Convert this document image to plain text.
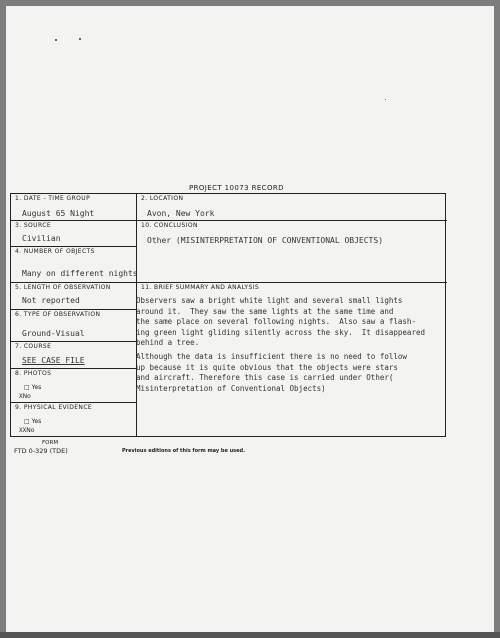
PROJECT 10073 RECORD
1. DATE - TIME GROUP
August 65 Night
2. LOCATION
Avon, New York
3. SOURCE
Civilian
10. CONCLUSION
Other (MISINTERPRETATION OF CONVENTIONAL OBJECTS)
4. NUMBER OF OBJECTS
Many on different nights
5. LENGTH OF OBSERVATION
Not reported
6. TYPE OF OBSERVATION
Ground-Visual
7. COURSE
SEE CASE FILE
8. PHOTOS
□ Yes
XNo
9. PHYSICAL EVIDENCE
□ Yes
XXNo
11. BRIEF SUMMARY AND ANALYSIS
Observers saw a bright white light and several small lights
around it.  They saw the same lights at the same time and
the same place on several following nights.  Also saw a flash-
ing green light gliding silently across the sky.  It disappeared
behind a tree.
Although the data is insufficient there is no need to follow
up because it is quite obvious that the objects were stars
and aircraft. Therefore this case is carried under Other(
Misinterpretation of Conventional Objects)
FORM
FTD 0-329 (TDE)	Previous editions of this form may be used.
